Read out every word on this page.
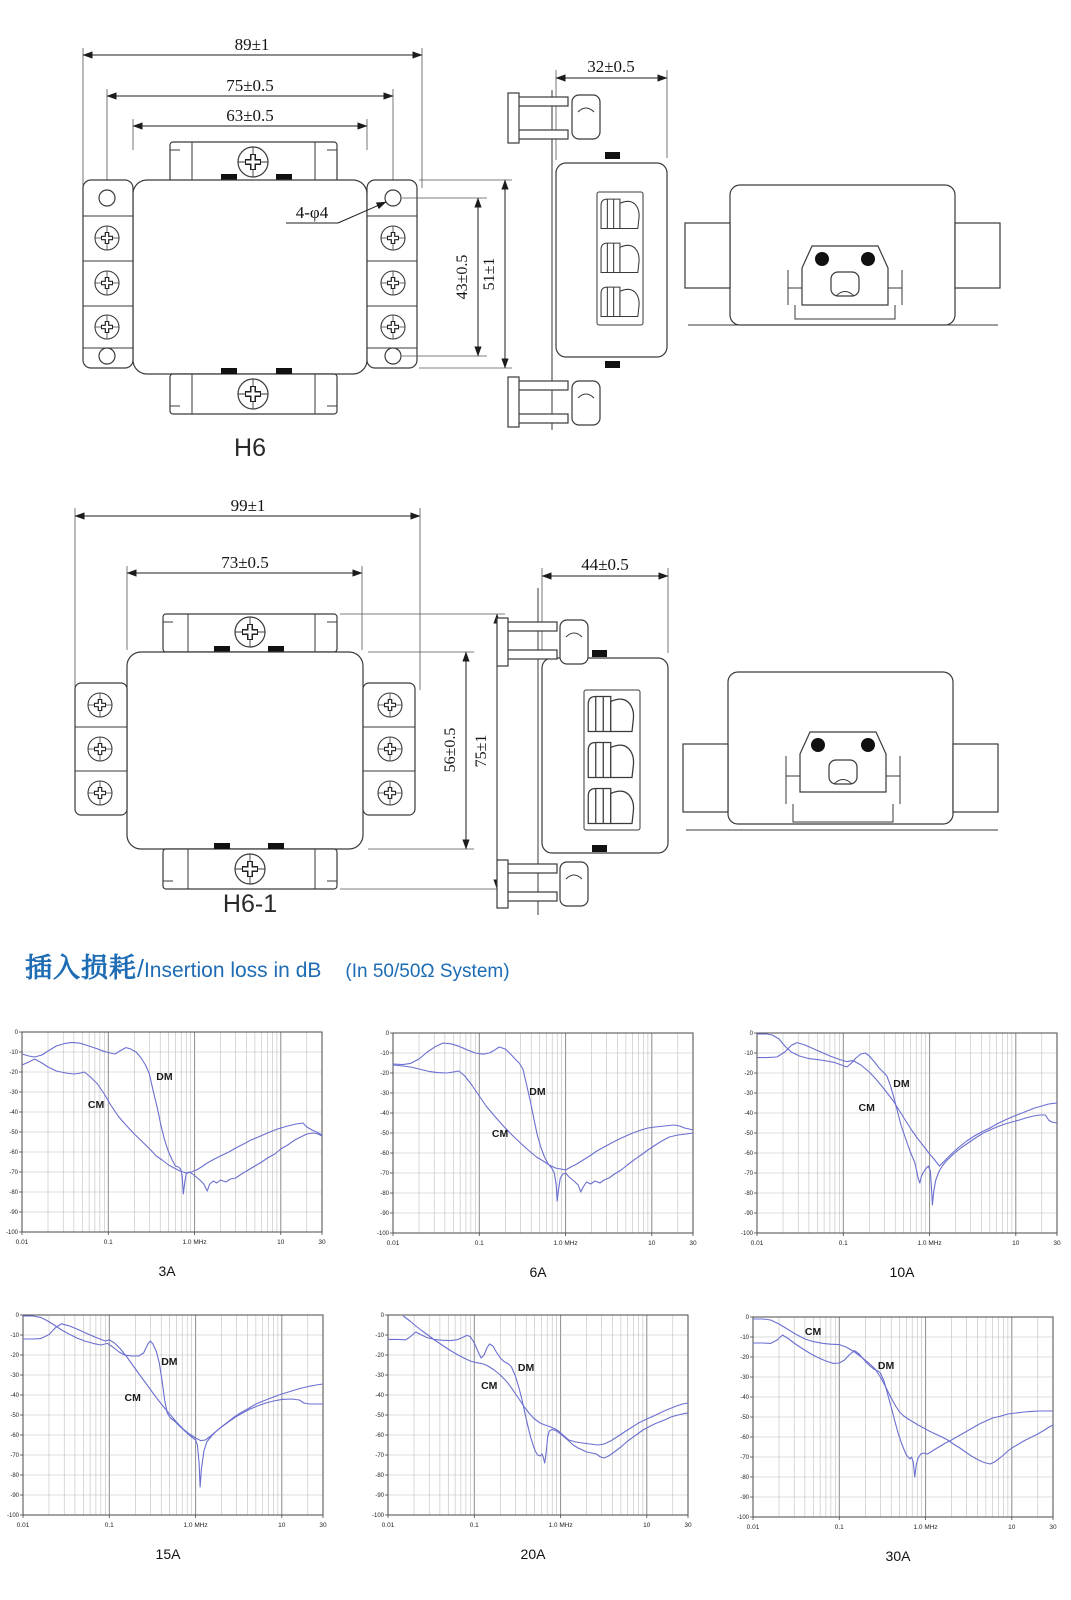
89±1
75±0.5
63±0.5
4-φ4
43±0.5 51±1
H6
32±0.5
99±1
73±0.5
56±0.5 75±1
H6-1
44±0.5
插入损耗/Insertion loss in dB (In 50/50Ω System)
0
-10
-20
-30
-40
-50
-60
-70
-80
-90
-100
0.01	0.1	1.0 MHz	10	30
CM
DM
3A
0
-10
-20
-30
-40
-50
-60
-70
-80
-90
-100
0.01	0.1	1.0 MHz	10	30
CM
DM
6A
0
-10
-20
-30
-40
-50
-60
-70
-80
-90
-100
0.01	0.1	1.0 MHz	10	30
CM
DM
10A
0
-10
-20
-30
-40
-50
-60
-70
-80
-90
-100
0.01	0.1	1.0 MHz	10	30
CM
DM
15A
0
-10
-20
-30
-40
-50
-60
-70
-80
-90
-100
0.01	0.1	1.0 MHz	10	30
CM
DM
20A
0
-10
-20
-30
-40
-50
-60
-70
-80
-90
-100
0.01	0.1	1.0 MHz	10	30
CM
DM
30A
